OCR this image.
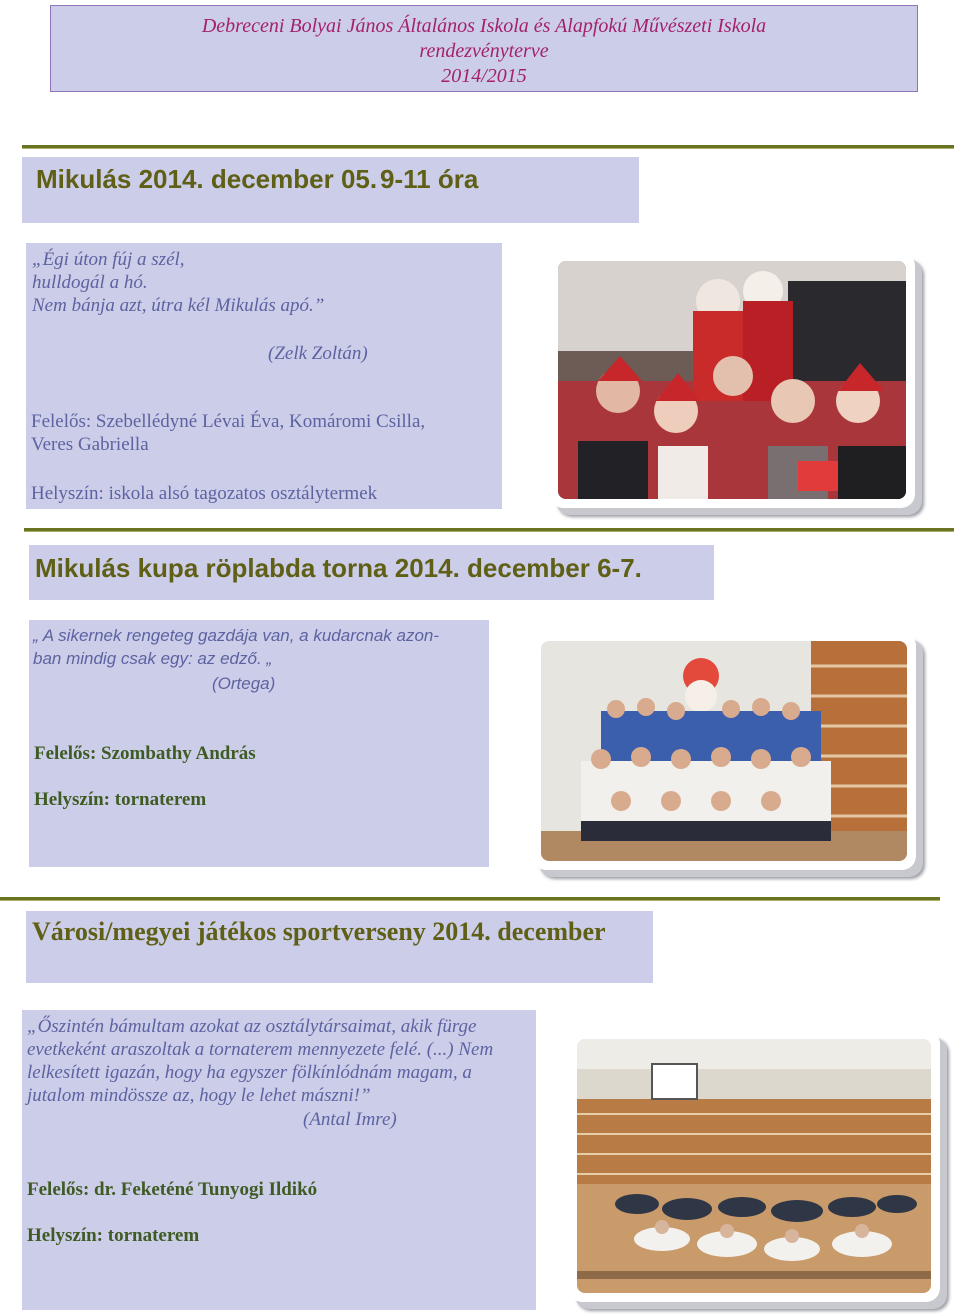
Debreceni Bolyai János Általános Iskola és Alapfokú Művészeti Iskola
rendezvényterve
2014/2015
Mikulás 2014. december 05. 9-11 óra
„Égi úton fúj a szél,
hulldogál a hó.
Nem bánja azt, útra kél Mikulás apó.”
(Zelk Zoltán)
Felelős: Szebellédyné Lévai Éva, Komáromi Csilla,
Veres Gabriella
Helyszín: iskola alsó tagozatos osztálytermek
Mikulás kupa röplabda torna 2014. december 6-7.
„ A sikernek rengeteg gazdája van, a kudarcnak azon-
ban mindig csak egy: az edző. „
(Ortega)
Felelős: Szombathy András
Helyszín: tornaterem
Városi/megyei játékos sportverseny 2014. december
„Őszintén bámultam azokat az osztálytársaimat, akik fürge
evetkeként araszoltak a tornaterem mennyezete felé. (...) Nem
lelkesített igazán, hogy ha egyszer fölkínlódnám magam, a
jutalom mindössze az, hogy le lehet mászni!”
(Antal Imre)
Felelős: dr. Feketéné Tunyogi Ildikó
Helyszín: tornaterem
